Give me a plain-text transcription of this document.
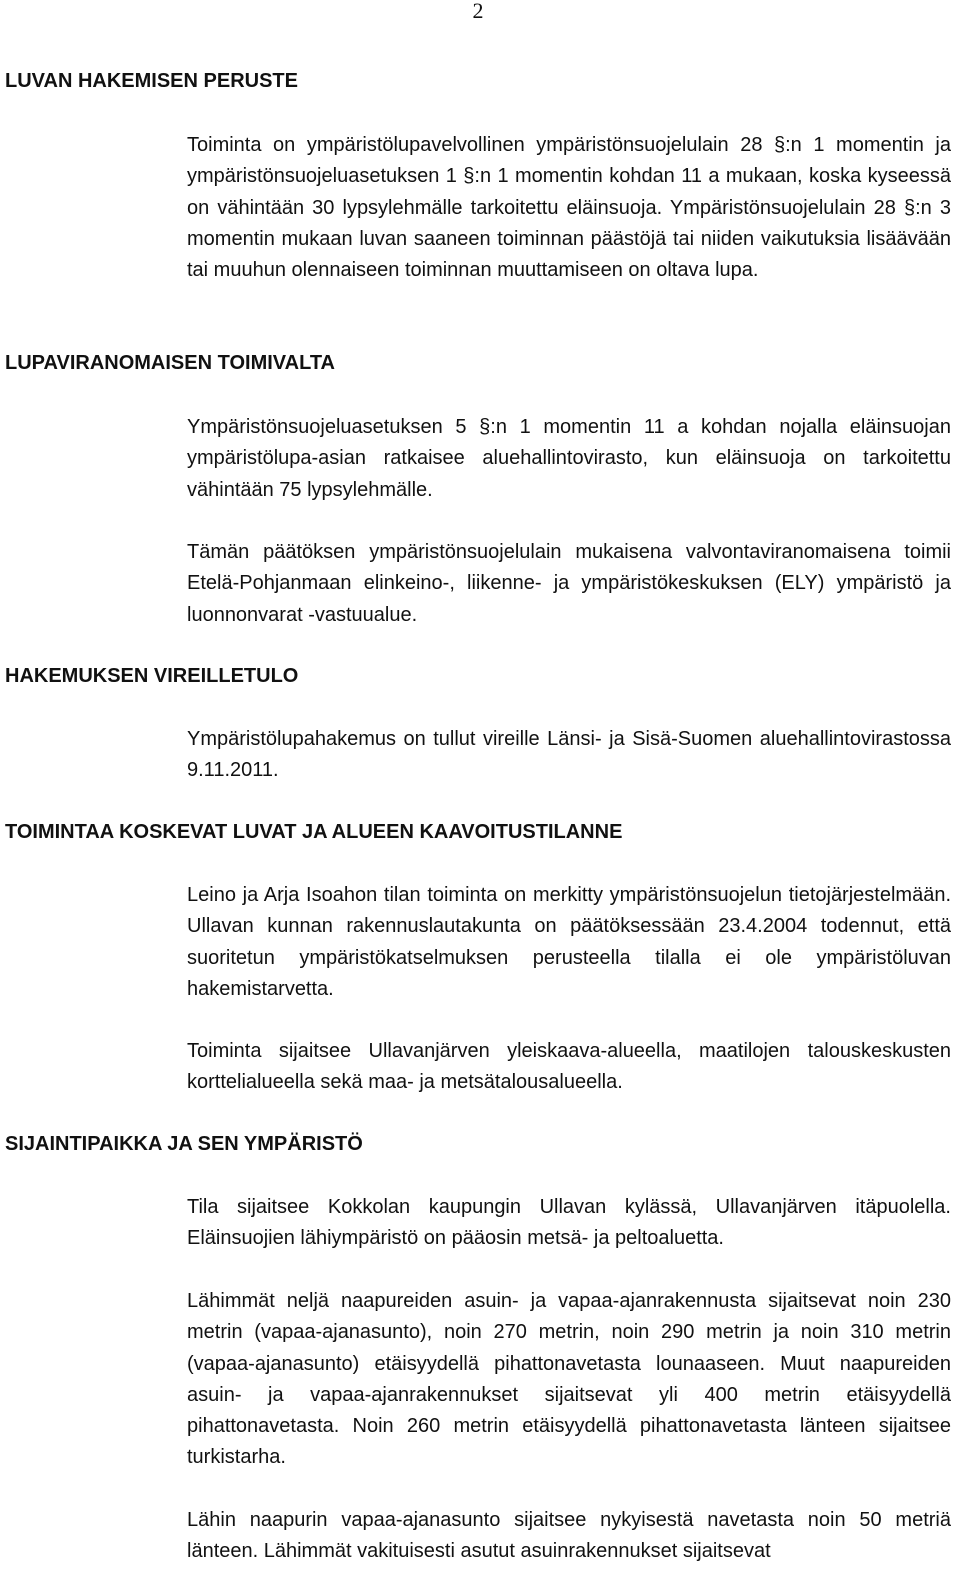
2
LUVAN HAKEMISEN PERUSTE

Toiminta on ympäristölupavelvollinen ympäristönsuojelulain 28 §:n 1 momentin ja ympäristönsuojeluasetuksen 1 §:n 1 momentin kohdan 11 a mukaan, koska kyseessä on vähintään 30 lypsylehmälle tarkoitettu eläinsuoja. Ympäristönsuojelulain 28 §:n 3 momentin mukaan luvan saaneen toiminnan päästöjä tai niiden vaikutuksia lisäävään tai muuhun olennaiseen toiminnan muuttamiseen on oltava lupa.

LUPAVIRANOMAISEN TOIMIVALTA

Ympäristönsuojeluasetuksen 5 §:n 1 momentin 11 a kohdan nojalla eläinsuojan ympäristölupa-asian ratkaisee aluehallintovirasto, kun eläinsuoja on tarkoitettu vähintään 75 lypsylehmälle.

Tämän päätöksen ympäristönsuojelulain mukaisena valvontaviranomaisena toimii Etelä-Pohjanmaan elinkeino-, liikenne- ja ympäristökeskuksen (ELY) ympäristö ja luonnonvarat -vastuualue.

HAKEMUKSEN VIREILLETULO

Ympäristölupahakemus on tullut vireille Länsi- ja Sisä-Suomen aluehallintovirastossa 9.11.2011.

TOIMINTAA KOSKEVAT LUVAT JA ALUEEN KAAVOITUSTILANNE

Leino ja Arja Isoahon tilan toiminta on merkitty ympäristönsuojelun tietojärjestelmään. Ullavan kunnan rakennuslautakunta on päätöksessään 23.4.2004 todennut, että suoritetun ympäristökatselmuksen perusteella tilalla ei ole ympäristöluvan hakemistarvetta.

Toiminta sijaitsee Ullavanjärven yleiskaava-alueella, maatilojen talouskeskusten korttelialueella sekä maa- ja metsätalousalueella.

SIJAINTIPAIKKA JA SEN YMPÄRISTÖ

Tila sijaitsee Kokkolan kaupungin Ullavan kylässä, Ullavanjärven itäpuolella. Eläinsuojien lähiympäristö on pääosin metsä- ja peltoaluetta.

Lähimmät neljä naapureiden asuin- ja vapaa-ajanrakennusta sijaitsevat noin 230 metrin (vapaa-ajanasunto), noin 270 metrin, noin 290 metrin ja noin 310 metrin (vapaa-ajanasunto) etäisyydellä pihattonavetasta lounaaseen. Muut naapureiden asuin- ja vapaa-ajanrakennukset sijaitsevat yli 400 metrin etäisyydellä pihattonavetasta. Noin 260 metrin etäisyydellä pihattonavetasta länteen sijaitsee turkistarha.

Lähin naapurin vapaa-ajanasunto sijaitsee nykyisestä navetasta noin 50 metriä länteen. Lähimmät vakituisesti asutut asuinrakennukset sijaitsevat
